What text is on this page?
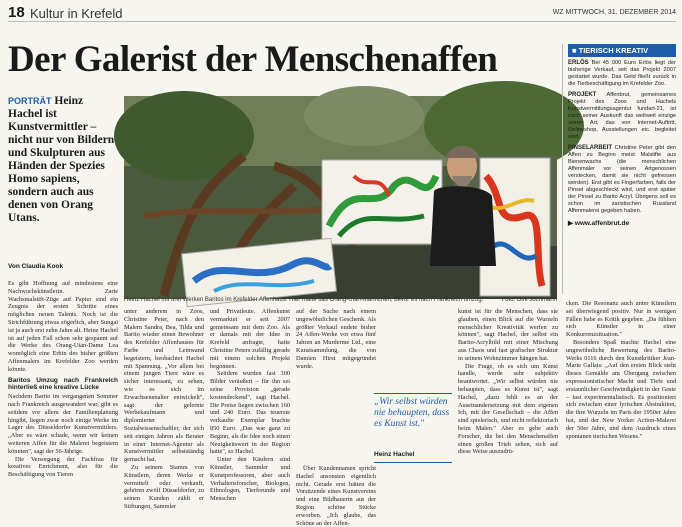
18 Kultur in Krefeld	WZ MITTWOCH, 31. DEZEMBER 2014
Der Galerist der Menschenaffen
PORTRÄT Heinz Hachel ist Kunstvermittler – nicht nur von Bildern und Skulpturen aus Händen der Spezies Homo sapiens, sondern auch aus denen von Orang Utans.
Von Claudia Kook
Heinz Hachel mit drei Werken Baritos im Krefelder Affenhaus. Hier malte das Orang-Utan-Männchen, bevor es nach Frankreich umzog.	Foto: Dirk Jochmann
■ TIERISCH KREATIV

ERLÖS Bei 45 000 Euro Erlös liegt der bisherige Verkauf, seit das Projekt 2007 gestartet wurde. Das Geld fließt zurück in die Tierbeschäftigung im Krefelder Zoo.

PROJEKT Affenbrut, gemeinsames Projekt des Zoos und Hachels Kunstvermittlungsagentur fundart-21, ist nach seiner Auskunft das weltweit einzige seiner Art, das von Internet-Auftritt, Onlineshop, Ausstellungen etc. begleitet wird.

PINSELARBEIT Christine Peter gibt den Affen zu Beginn meist Malstifte aus Bienenwachs (die menschlichen Affenmaler vor seinen Artgenossen verstecken, damit sie nicht gefressen werden). Erst gibt es Fingerfarben, falls der Pinsel abgeschleckt wird, und erst später der Pinsel zu Barito Acryl. Übrigens soll es schon im zaristischen Russland Affenmalerei gegeben haben.

▶ www.affenbrut.de

Es gibt Hoffnung auf mindestens eine Nachwuchskünstlerin. Zarte Wachsmalstift-Züge auf Papier sind ein Zeugnis der ersten Schritte eines möglichen neuen Talents. Noch ist die Strichführung etwas zögerlich, aber Sungai ist ja auch erst zehn Jahre alt. Heinz Hachel ist auf jeden Fall schon sehr gespannt auf die Werke des Orang-Utan-Dame Lea womöglich eine Erbin des bisher größten Affenmalers im Krefelder Zoo werden könnte.

Baritos Umzug nach Frankreich hinterließ eine kreative Lücke

Nachdem Barito im vergangenen Sommer nach Frankreich ausgewandert war, gibt es seitdem vor allem der Familienplanung hingibt, liegen zwar noch einige Werke im Lager des Düsseldorfer Kunstvermittlers. „Aber es wäre schade, wenn wir keinen weiteren Affen für die Malerei begeistern könnten", sagt der 56-Jährige.

Die Versorgung der Fachfrau für kreatives Enrichment, also für die Beschäftigung von Tieren

unter anderem in Zoos, Christine Peter, nach den Malern Sandra, Bea, Tilda und Barito wieder einen Bewohner des Krefelder Affenhauses für Farbe und Leinwand begeistern, beobachtet Hachel mit Spannung. „Vor allem bei einem jungen Tiere wäre es sicher interessant, zu sehen, wie es sich im Erwachsenenalter entwickelt", sagt der gelernte Werbekaufmann und diplomierter Sozialwissenschaftler, der sich seit einigen Jahren als Berater in einer Internet-Agentur als Kunstvermittler selbstständig gemacht hat.

Zu seinem Stamm von Künstlern, deren Werke er vermittelt oder verkauft, gehören zwölf Düsseldorfer, zu seinen Kunden zählt er Stiftungen, Sammler

und Privatleute. Affenkunst vermarktet er seit 2007 gemeinsam mit dem Zoo. Als er damals mit der Idee in Krefeld anfragte, hatte Christine Peters zufällig gerade mit einem solchen Projekt begonnen.

Seitdem wurden fast 300 Bilder veräußert – für ihn sei seine Provision „gerade kostendeckend", sagt Hachel. Die Preise liegen zwischen 160 und 240 Euro. Das teuerste verkaufte Exemplar brachte 850 Euro. „Das war ganz zu Beginn, als die Idee noch einen Neuigkeitswert in der Region hatte", so Hachel.

Unter den Käufern sind Künstler, Sammler und Kunstprofessoren, aber auch Verhaltensforscher, Biologen, Ethnologen, Tierfreunde und Menschen

auf der Suche nach einem ungewöhnlichen Geschenk. Als größter Verkauf endete bisher 24 Affen-Werke vor etwa fünf Jahren an Murderme Ltd., eine Kunstsammlung, die von Damien Hirst mitgegründet wurde.

„Wir selbst würden nie behaupten, dass es Kunst ist."
Heinz Hachel

Über Kundennamen spricht Hachel ansonsten eigentlich nicht. Gerade erst hätten die Vorsitzende eines Kunstvereins und eine Bildhauerin aus der Region schöne Stücke erworben. „Ich glaube, das Schöne an der Affen-

kunst ist für die Menschen, dass sie glauben, einen Blick auf die Wurzeln menschlicher Kreativität werfen zu können", sagt Hachel, der selbst ein Barito-Acrylbild mit einer Mischung aus Chaos und fast grafischer Struktur in seinem Wohnzimmer hängen hat.

Die Frage, ob es sich um Kunst handle, werde sehr subjektiv beantwortet. „Wir selbst würden nie behaupten, dass es Kunst ist", sagt Hachel, „dazu fehlt es an der Auseinandersetzung mit dem eigenen Ich, mit der Gesellschaft – die Affen sind spielerisch, und nicht reflektorisch beim Malen." Aber es gebe auch Forscher, die bei den Menschenaffen einen großen Trieb sehen, sich auf diese Weise auszudrü-

cken. Die Resonanz auch unter Künstlern sei überwiegend positiv. Nur in wenigen Fällen habe es Kritik gegeben. „Da fühlten sich Künstler in einer Konkurrenzsituation."

Besonders Spaß machte Hachel eine ungewöhnliche Bewertung des Barito-Werks 0116 durch den Kunstkritiker Jean-Marie Gallais: „Auf den ersten Blick steht dieses Gemälde am Übergang zwischen expressionistischer Macht und Tiefe und erstaunlicher Geschwindigkeit in der Geste – fast experimentalistisch. Es positioniert sich zwischen einer lyrischen Abstraktion, die ihre Wurzeln im Paris der 1950er Jahre hat, und der New Yorker Action-Malerei der 50er Jahre, und dem Ausdruck eines spontanen tierischen Wesens."
